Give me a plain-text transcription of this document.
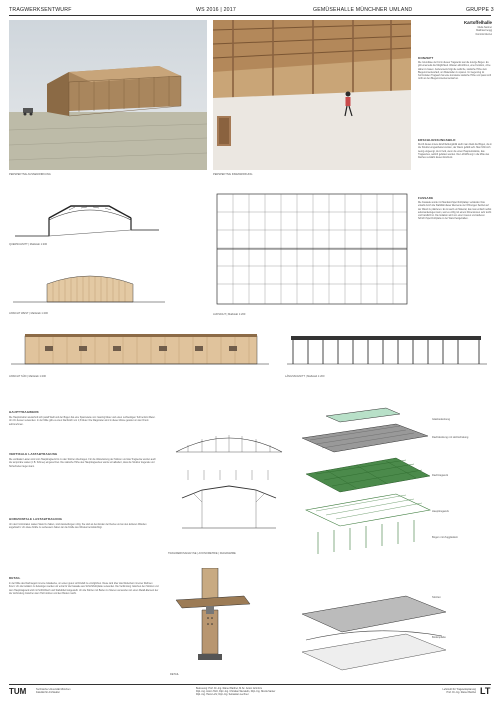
TRAGWERKSENTWURF	WS 2016 | 2017	GEMÜSEHALLE MÜNCHNER UMLAND	GRUPPE 3
PERSPEKTIVE AUSSENWIRKUNG	PERSPEKTIVE INNENWIRKUNG
Kartoffelhalle
Meda Santner
Matthias Fengg
Dominik Menzel
KONZEPT
Die Grundidee der Form dieses Tragwerks war die kurvige Bogen. Es gibt einerseits die Möglichkeit. Wasser abzuführen, eine Funktion, ohne dabei zu bauen. Andererseits folgt die seitliche, statische Höhe dem Biegemomentverlauf, um Materialien zu sparen. Im Gegenzug ist horizontalen Tragwerk hat eine konstante statische Höhe und passt sich nicht an den Biegemomentenverlauf an.
ERSCHLIESSUNGSBILD
Durch dieses innere Erschließungsbild steht man direkt die Bögen, die in die Struktur eingearbeitet wurden, der Raum gefällt sehr. Man fühlt sich wenig eingeengt, da in Feld, wenn die einen Haupteinstände, das Tragwerkes, seitlich gefalten werden. Die Lichtöffnung in die Mitte des Daches verstärkt diesen Eindruck.
FASSADE
Die Fassade wurde mit Standard-Sperrholzplatten verkleidet. Das erlaubt durch die Stabilität dieser Elemente der Öffnungen flexibel auf der Wand zu platzieren. Es ist auch ein Material, das man einfach selbst aufeinanderlegen kann, weil es völlig mit einem Dimensionen sehr leicht und handlich ist. Die Isolation wird von einer inneren und äußeren Schicht Sperrholzplatte in der Wand festgehalten.
QUERSCHNITT | Maßstab 1:200
ANSICHT WEST | Maßstab 1:200	AUFSICHT | Maßstab 1:200
ANSICHT SÜD | Maßstab 1:200	LÄNGSSCHNITT | Maßstab 1:200
HAUPTTRAGWERK
Die Hauptstruktur wiederholt sich parall Weill und der Bogen hat eine Spannweite von zwanzig Meter und einen rechteckigen Teil bei Erst Meter. Um ihn besser verwenden. In der Mitte gibt es einen Dachstich von 1,5 Meter. Die Diagonalen sind in dieser Weise geleitet um den Druck aufzunehmen.
VERTIKALE LASTABTRAGUNG
Die vertikalen Lasten sind vom Haupttragwerk bis zu den Stützen übertragen. Für die Weiterleitung der Stützen und das Tragwerke wurden auch die temporäre Lasten (z.B. Schnee) eingerechnet. Die statische Höhe des Haupttragwerkes wurde so kalkuliert, dass die Struktur tragende und Sicherheiten liegen kann.
HORIZONTALE LASTABTRAGUNG
Um den horizontalen Lasten Stand zu halten, sind Aussteifungen nötig. Sie sind an den Enden der Decke und an den äußeren Wänden angebracht. Um diese Kräfte zu verbessern haben wir die Kräfte des Windes berücksichtigt.
DETAIL
In der Mitte des Dachsegeln ist eine Glasdecke, um einen guten Lichtzufall zu ermöglichen. Diese wird über das Wetterfest mit einer Rahmen fixiert. Um die Isolation zu befestigen werden wir extra für die Fassade aus Schichtholzplatte verwendet. Die Verbindung zwischen den Stützen und dem Haupttragwerk wird mit Schlitzblech und Stabdübel festgestellt. Um die Stützen mit Boden zu fixieren verwenden wir einen Metall-Element der die Verbindung zwischen dem Holz stützen und den Boden macht.
TRAGWERKSANALYSE | AXONOMETRIE | DIAGRAMME
DETAIL
Glasbedeckung
Dachdeckung mit Holzschalung
Dachtragwerk
Haupttragwerk
Bogen mit Zuggliedern
Stützen
Bodenplatte
TUM	Technische Universität München
Fakultät für Architektur
Betreuung: Prof. Dr.-Ing. Rainer Barthel, M.Sc. Anton Grimfors
Dipl.-Ing. Anton Holz, Dipl.-Ing. Christian Wendelin, Dipl.-Ing. Nicola Santer
Dipl.-Ing. Hans Lohr, Dipl.-Ing. Sebastian Lechner
Lehrstuhl für Tragwerksplanung
Prof. Dr.-Ing. Rainer Barthel LT
